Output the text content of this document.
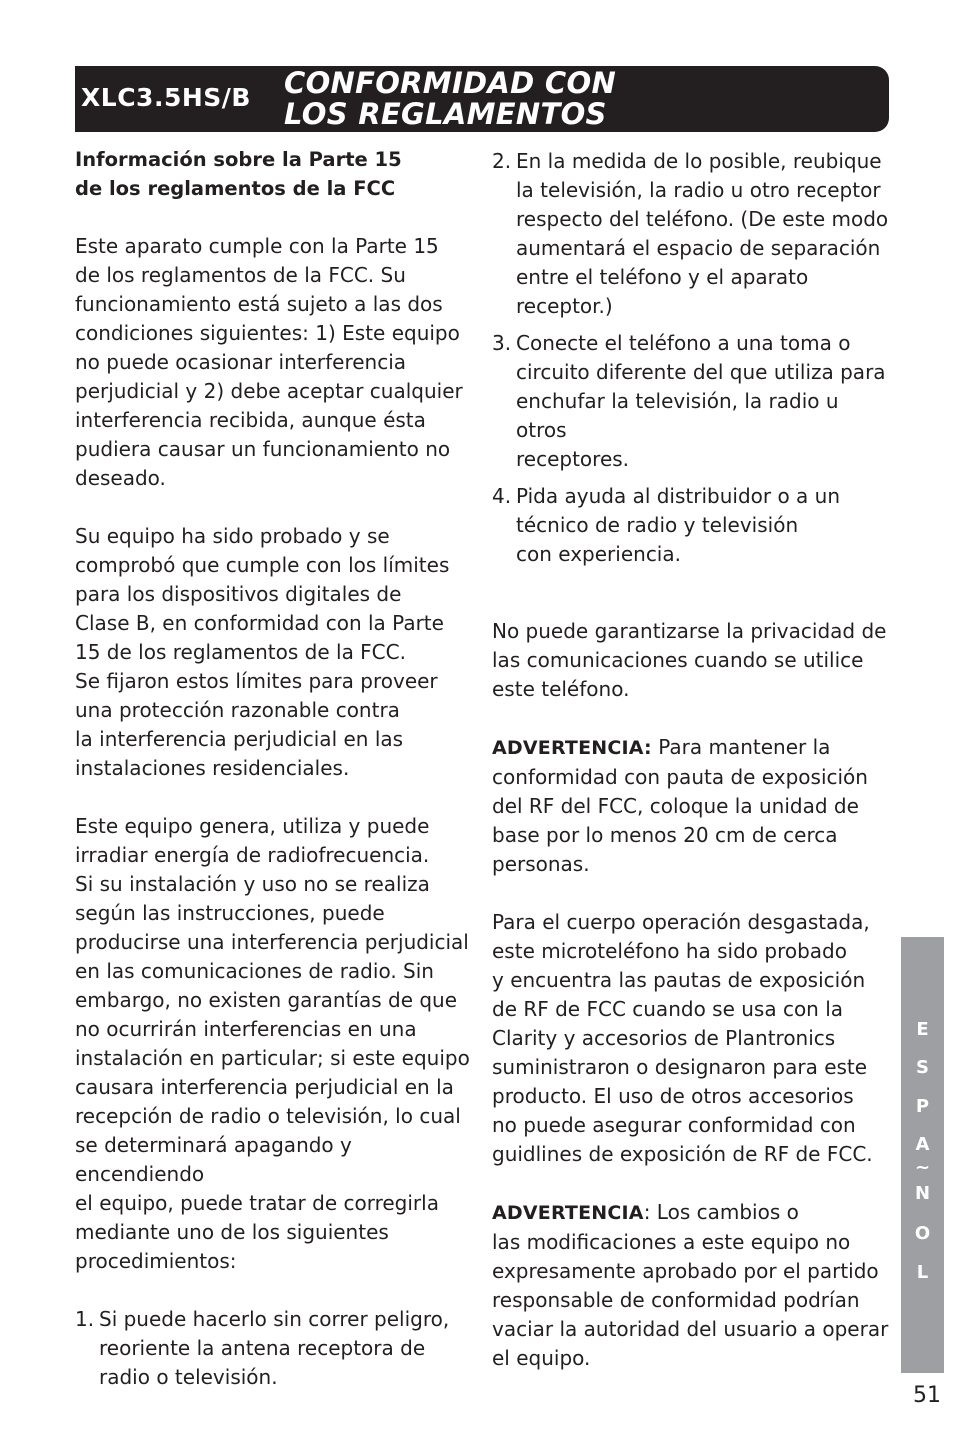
XLC3.5HS/B CONFORMIDAD CON
LOS REGLAMENTOS
Información sobre la Parte 15
de los reglamentos de la FCC

Este aparato cumple con la Parte 15
de los reglamentos de la FCC. Su
funcionamiento está sujeto a las dos
condiciones siguientes: 1) Este equipo
no puede ocasionar interferencia
perjudicial y 2) debe aceptar cualquier
interferencia recibida, aunque ésta
pudiera causar un funcionamiento no
deseado.

Su equipo ha sido probado y se
comprobó que cumple con los límites
para los dispositivos digitales de
Clase B, en conformidad con la Parte
15 de los reglamentos de la FCC.
Se fijaron estos límites para proveer
una protección razonable contra
la interferencia perjudicial en las
instalaciones residenciales.

Este equipo genera, utiliza y puede
irradiar energía de radiofrecuencia.
Si su instalación y uso no se realiza
según las instrucciones, puede
producirse una interferencia perjudicial
en las comunicaciones de radio. Sin
embargo, no existen garantías de que
no ocurrirán interferencias en una
instalación en particular; si este equipo
causara interferencia perjudicial en la
recepción de radio o televisión, lo cual
se determinará apagando y encendiendo
el equipo, puede tratar de corregirla
mediante uno de los siguientes
procedimientos:

1. Si puede hacerlo sin correr peligro,
reoriente la antena receptora de
radio o televisión.
2. En la medida de lo posible, reubique
la televisión, la radio u otro receptor
respecto del teléfono. (De este modo
aumentará el espacio de separación
entre el teléfono y el aparato
receptor.)
3. Conecte el teléfono a una toma o
circuito diferente del que utiliza para
enchufar la televisión, la radio u otros
receptores.
4. Pida ayuda al distribuidor o a un
técnico de radio y televisión
con experiencia.

No puede garantizarse la privacidad de
las comunicaciones cuando se utilice
este teléfono.

ADVERTENCIA: Para mantener la
conformidad con pauta de exposición
del RF del FCC, coloque la unidad de
base por lo menos 20 cm de cerca
personas.

Para el cuerpo operación desgastada,
este microteléfono ha sido probado
y encuentra las pautas de exposición
de RF de FCC cuando se usa con la
Clarity y accesorios de Plantronics
suministraron o designaron para este
producto. El uso de otros accesorios
no puede asegurar conformidad con
guidlines de exposición de RF de FCC.

ADVERTENCIA: Los cambios o
las modificaciones a este equipo no
expresamente aprobado por el partido
responsable de conformidad podrían
vaciar la autoridad del usuario a operar
el equipo.

E
S
P
A
~
N
O
L
51
